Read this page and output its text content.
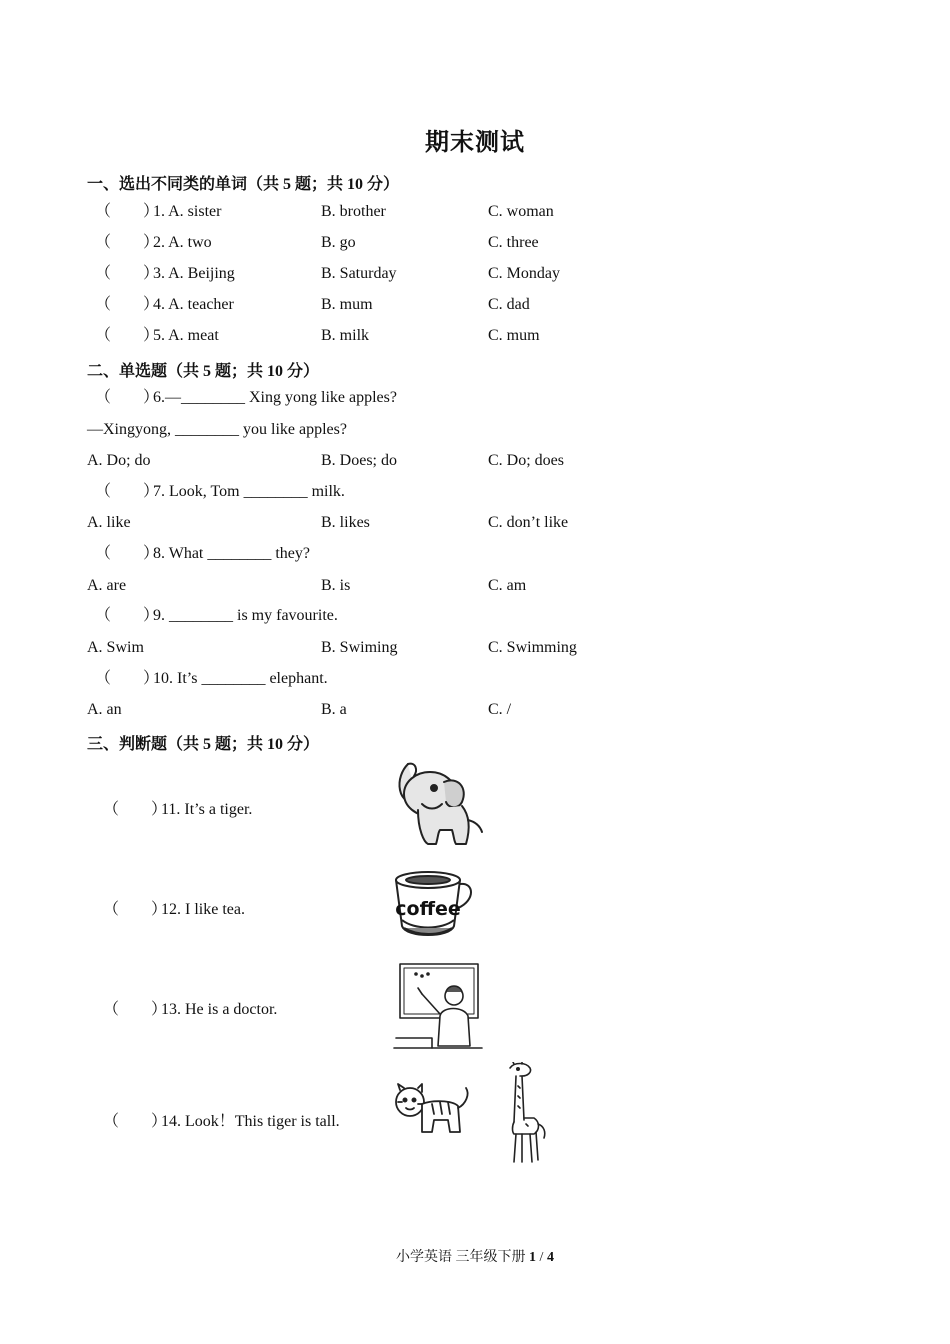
期末测试
一、选出不同类的单词（共 5 题；共 10 分）
（　　）
1. A. sister	B. brother	C. woman
（　　）
2. A. two	B. go	C. three
（　　）
3. A. Beijing	B. Saturday	C. Monday
（　　）
4. A. teacher	B. mum	C. dad
（　　）
5. A. meat	B. milk	C. mum
二、单选题（共 5 题；共 10 分）
（　　）
6.—________ Xing yong like apples?
—Xingyong, ________ you like apples?
A. Do; do	B. Does; do	C. Do; does
（　　）
7. Look, Tom ________ milk.
A. like	B. likes	C. don’t like
（　　）
8. What ________ they?
A. are	B. is	C. am
（　　）
9. ________ is my favourite.
A. Swim	B. Swiming	C. Swimming
（　　）
10. It’s ________ elephant.
A. an	B. a	C. /
三、判断题（共 5 题；共 10 分）
（　　）11. It’s a tiger.
（　　）12. I like tea.
（　　）13. He is a doctor.
（　　）14. Look！This tiger is tall.
coffee
小学英语 三年级下册 1 / 4
